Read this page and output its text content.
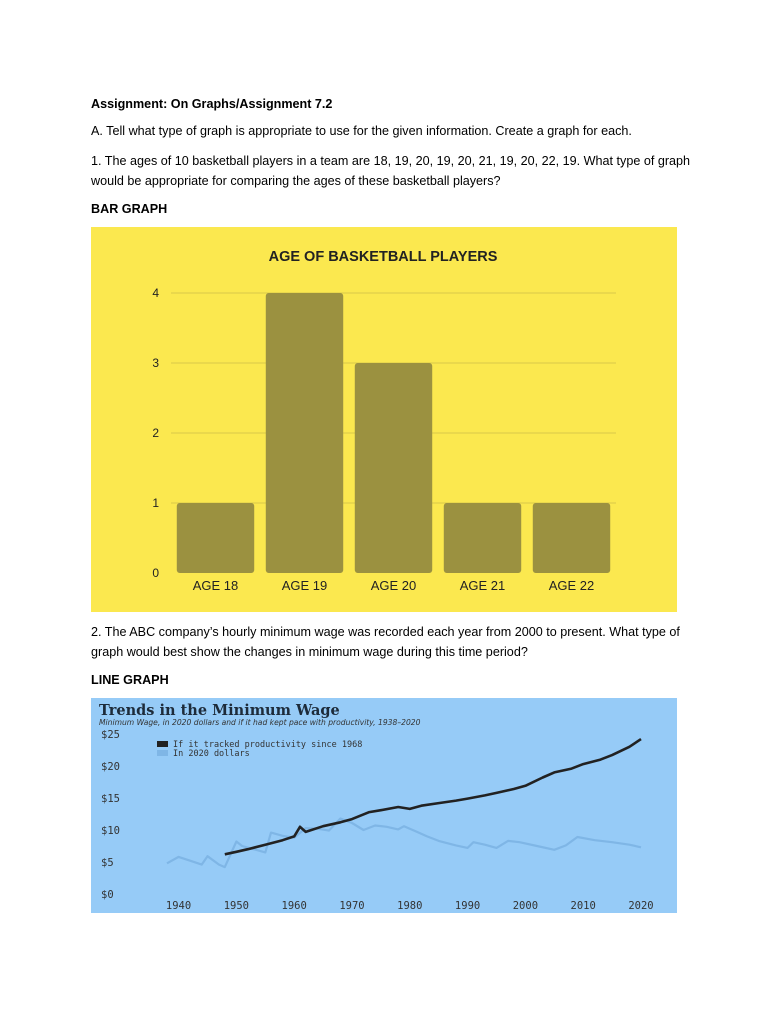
Assignment: On Graphs/Assignment 7.2

A. Tell what type of graph is appropriate to use for the given information. Create a graph for each.

1. The ages of 10 basketball players in a team are 18, 19, 20, 19, 20, 21, 19, 20, 22, 19. What type of graph would be appropriate for comparing the ages of these basketball players?

BAR GRAPH

AGE OF BASKETBALL PLAYERS
0
1
2
3
4
AGE 18	AGE 19	AGE 20	AGE 21	AGE 22

2. The ABC company’s hourly minimum wage was recorded each year from 2000 to present. What type of graph would best show the changes in minimum wage during this time period?

LINE GRAPH

Trends in the Minimum Wage
Minimum Wage, in 2020 dollars and if it had kept pace with productivity, 1938–2020
$0
$5
$10
$15
$20
$25
1940	1950	1960	1970	1980	1990	2000	2010	2020
If it tracked productivity since 1968
In 2020 dollars
